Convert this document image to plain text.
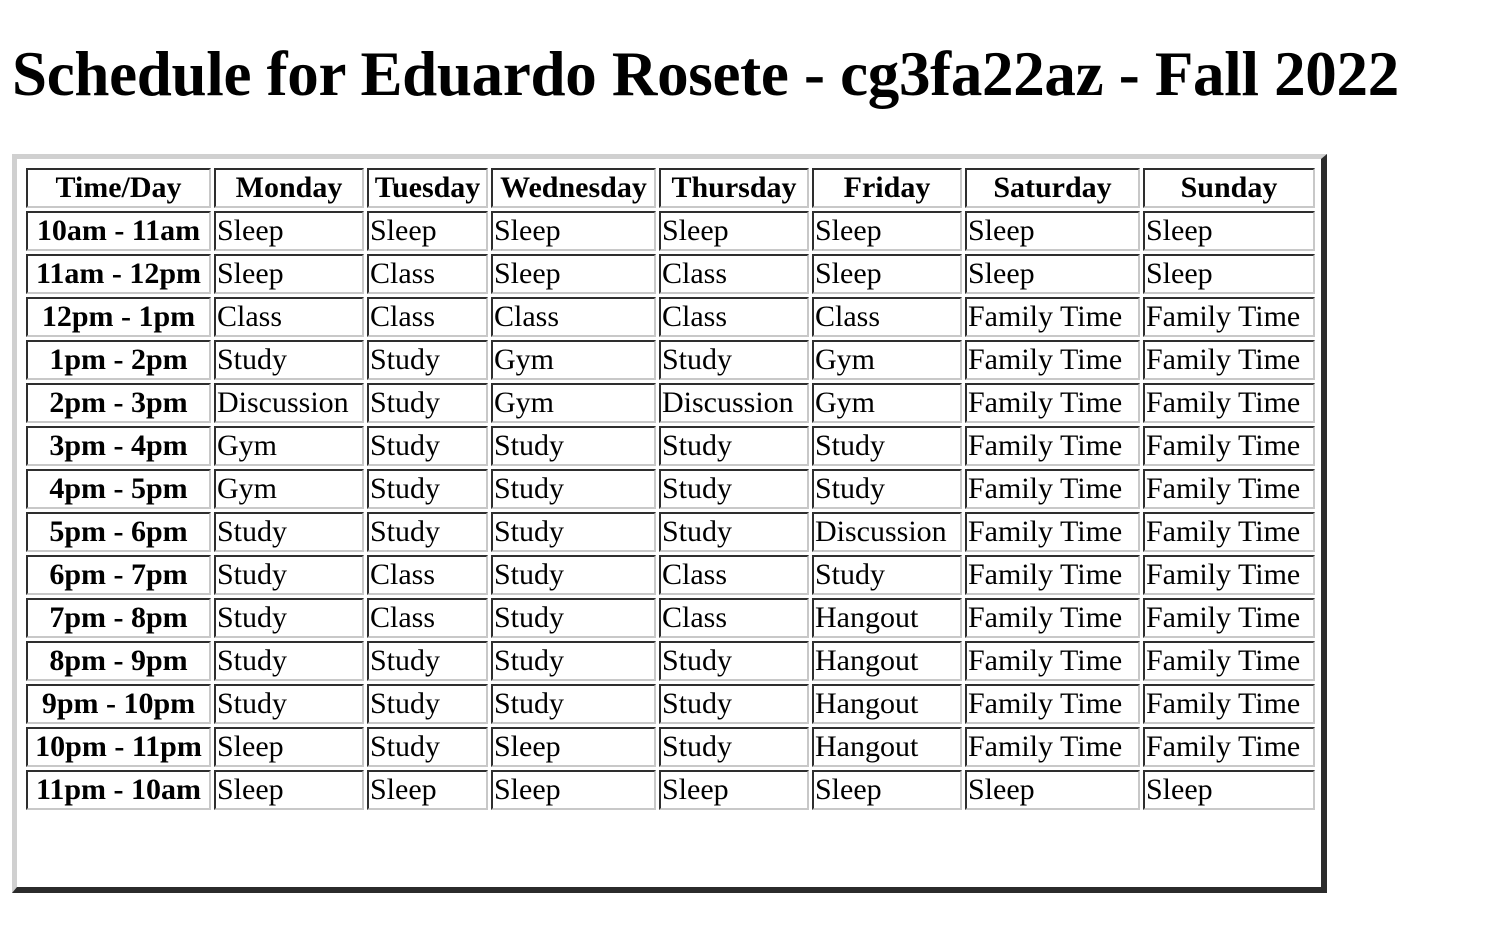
Schedule for Eduardo Rosete - cg3fa22az - Fall 2022
Time/Day	Monday	Tuesday	Wednesday	Thursday	Friday	Saturday	Sunday
10am - 11am	Sleep	Sleep	Sleep	Sleep	Sleep	Sleep	Sleep
11am - 12pm	Sleep	Class	Sleep	Class	Sleep	Sleep	Sleep
12pm - 1pm	Class	Class	Class	Class	Class	Family Time	Family Time
1pm - 2pm	Study	Study	Gym	Study	Gym	Family Time	Family Time
2pm - 3pm	Discussion	Study	Gym	Discussion	Gym	Family Time	Family Time
3pm - 4pm	Gym	Study	Study	Study	Study	Family Time	Family Time
4pm - 5pm	Gym	Study	Study	Study	Study	Family Time	Family Time
5pm - 6pm	Study	Study	Study	Study	Discussion	Family Time	Family Time
6pm - 7pm	Study	Class	Study	Class	Study	Family Time	Family Time
7pm - 8pm	Study	Class	Study	Class	Hangout	Family Time	Family Time
8pm - 9pm	Study	Study	Study	Study	Hangout	Family Time	Family Time
9pm - 10pm	Study	Study	Study	Study	Hangout	Family Time	Family Time
10pm - 11pm	Sleep	Study	Sleep	Study	Hangout	Family Time	Family Time
11pm - 10am	Sleep	Sleep	Sleep	Sleep	Sleep	Sleep	Sleep
